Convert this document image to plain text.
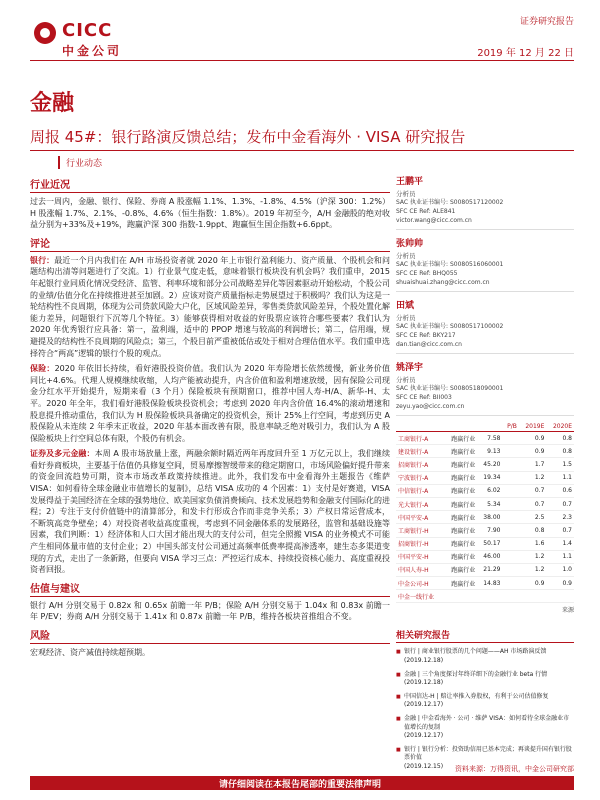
CICC
中金公司
证券研究报告
2019 年 12 月 22 日
金融
周报 45#：银行路演反馈总结；发布中金看海外 · VISA 研究报告
行业动态
行业近况
过去一周内，金融、银行、保险、券商 A 股涨幅 1.1%、1.3%、-1.8%、4.5%（沪深 300：1.2%）H 股涨幅 1.7%、2.1%、-0.8%、4.6%（恒生指数：1.8%）。2019 年初至今，A/H 金融股的绝对收益分别为+33%及+19%，跑赢沪深 300 指数-1.9ppt、跑赢恒生国企指数+6.6ppt。
评论
银行：最近一个月内我们在 A/H 市场投资者就 2020 年上市银行盈利能力、资产质量、个股机会和问题结构出清等问题进行了交流。1）行业景气度走低，意味着银行板块没有机会吗？我们重申，2015 年起银行业同质化情况受经济、监管、利率环境和部分公司战略差异化等因素驱动开始松动，个股公司的业绩/估值分化在持续推进甚至加剧。2）应该对资产质量指标走势展望过于积极吗？我们认为这是一轮结构性不良周期，体现为公司贷款风险大户化，区域风险差异，零售类贷款风险差异，个股处置化解能力差异，问题银行下沉等几个特征。3）能够获得相对收益的好股票应该符合哪些要素？我们认为 2020 年优秀银行应具备：第一，盈利端，适中的 PPOP 增速与较高的利润增长；第二，信用端，规避提及的结构性不良周期的风险点；第三，个股目前严重被低估或处于相对合理估值水平。我们重申选择符合“两高”逻辑的银行个股的观点。
保险：2020 年依旧长持续，看好港股投资价值。我们认为 2020 年寿险增长依然缓慢，新业务价值同比+4.6%。代理人规模继续收缩，人均产能被动提升，内含价值和盈利增速放缓，因有保险公司现金分红水平开始提升，短期来看（3 个月）保险板块有预期窗口，推荐中国人寿-H/A、新华-H、太平。2020 年全年，我们看好港股保险板块投资机会；考虑到 2020 年内含价值 16.4%的滚动增速和股息提升推动重估，我们认为 H 股保险板块具备确定的投资机会，预计 25%上行空间，考虑到历史 A 股保险从未连续 2 年季末正收益，2020 年基本面改善有限，股息率缺乏绝对吸引力，我们认为 A 股保险板块上行空间总体有限，个股仍有机会。
证券及多元金融：本周 A 股市场放量上涨，两融余额时隔近两年再度回升至 1 万亿元以上，我们继续看好券商板块，主要基于估值仍具修复空间，贸易摩擦智缓带来的稳定期窗口，市场风险偏好提升带来的资金回流趋势可期，资本市场改革政策持续推进。此外，我们发布中金看海外主题报告《维萨 VISA：如何看待全球金融业市值增长的复制》，总结 VISA 成功的 4 个因素：1）支付是好赛道，VISA 发展得益于美国经济在全球的强势地位、欧美国家负债消费倾向、技术发展趋势和金融支付国际化的进程；2）专注于支付价值链中的清算部分，和发卡行形成合作而非竞争关系；3）产权日常运营成本，不断筑高竞争壁垒；4）对投资者收益高度重视，考虑到不同金融体系的发展路径，监管和基础设施等因素，我们判断：1）经济体和人口大国才能出现大的支付公司，但完全照搬 VISA 的业务模式不可能产生相同体量市值的支付企业；2）中国头部支付公司通过高频率低费率提高渗透率，建生态多渠道变现的方式，走出了一条新路，但要向 VISA 学习三点：严控运行成本、持续投资核心能力、高度重视投资者回报。
估值与建议
银行 A/H 分别交易于 0.82x 和 0.65x 前瞻一年 P/B；保险 A/H 分别交易于 1.04x 和 0.83x 前瞻一年 P/EV；券商 A/H 分别交易于 1.41x 和 0.87x 前瞻一年 P/B，维持各板块首推组合不变。
风险
宏观经济、资产减值持续超预期。
王鹏平
分析员
SAC 执业证书编号: S0080517120002
SFC CE Ref: ALE841
victor.wang@cicc.com.cn
张帅帅
分析员
SAC 执业证书编号: S0080516060001
SFC CE Ref: BHQ055
shuaishuai.zhang@cicc.com.cn
田斌
分析员
SAC 执业证书编号: S0080517100002
SFC CE Ref: BKY217
dan.tian@cicc.com.cn
姚泽宇
分析员
SAC 执业证书编号: S0080518090001
SFC CE Ref: BII003
zeyu.yao@cicc.com.cn
			P/B	2019E	2020E
工商银行-A	跑赢行业	7.58		0.9	0.8
建设银行-A	跑赢行业	9.13		0.9	0.8
招商银行-A	跑赢行业	45.20		1.7	1.5
宁波银行-A	跑赢行业	19.34		1.2	1.1
中信银行-A	跑赢行业	6.02		0.7	0.6
光大银行-A	跑赢行业	5.34		0.7	0.7
中国平安-A	跑赢行业	38.00		2.5	2.3
工商银行-H	跑赢行业	7.90		0.8	0.7
招商银行-H	跑赢行业	50.17		1.6	1.4
中国平安-H	跑赢行业	46.00		1.2	1.1
中国人寿-H	跑赢行业	21.29		1.2	1.0
中金公司-H	跑赢行业	14.83		0.9	0.9
中金一线行业					
来源
相关研究报告
■ 银行 | 商业银行股票的几个问题——AH 市场路演反馈
(2019.12.18)
■ 金融 | 三个角度探讨年终详细下的金融行业 beta 行情
(2019.12.18)
■ 中国信达-H | 赔让率推入券股权，有利于公司估值修复
(2019.12.17)
■ 金融 | 中金看海外 · 公司 · 维萨 VISA：如何看待全球金融业市值增长的复制
(2019.12.17)
■ 银行 | 银行分析：投资助信用已基本完成；再谈提升国有银行股票价值
(2019.12.15)	资料来源：万得资讯，中金公司研究部
请仔细阅读在本报告尾部的重要法律声明
